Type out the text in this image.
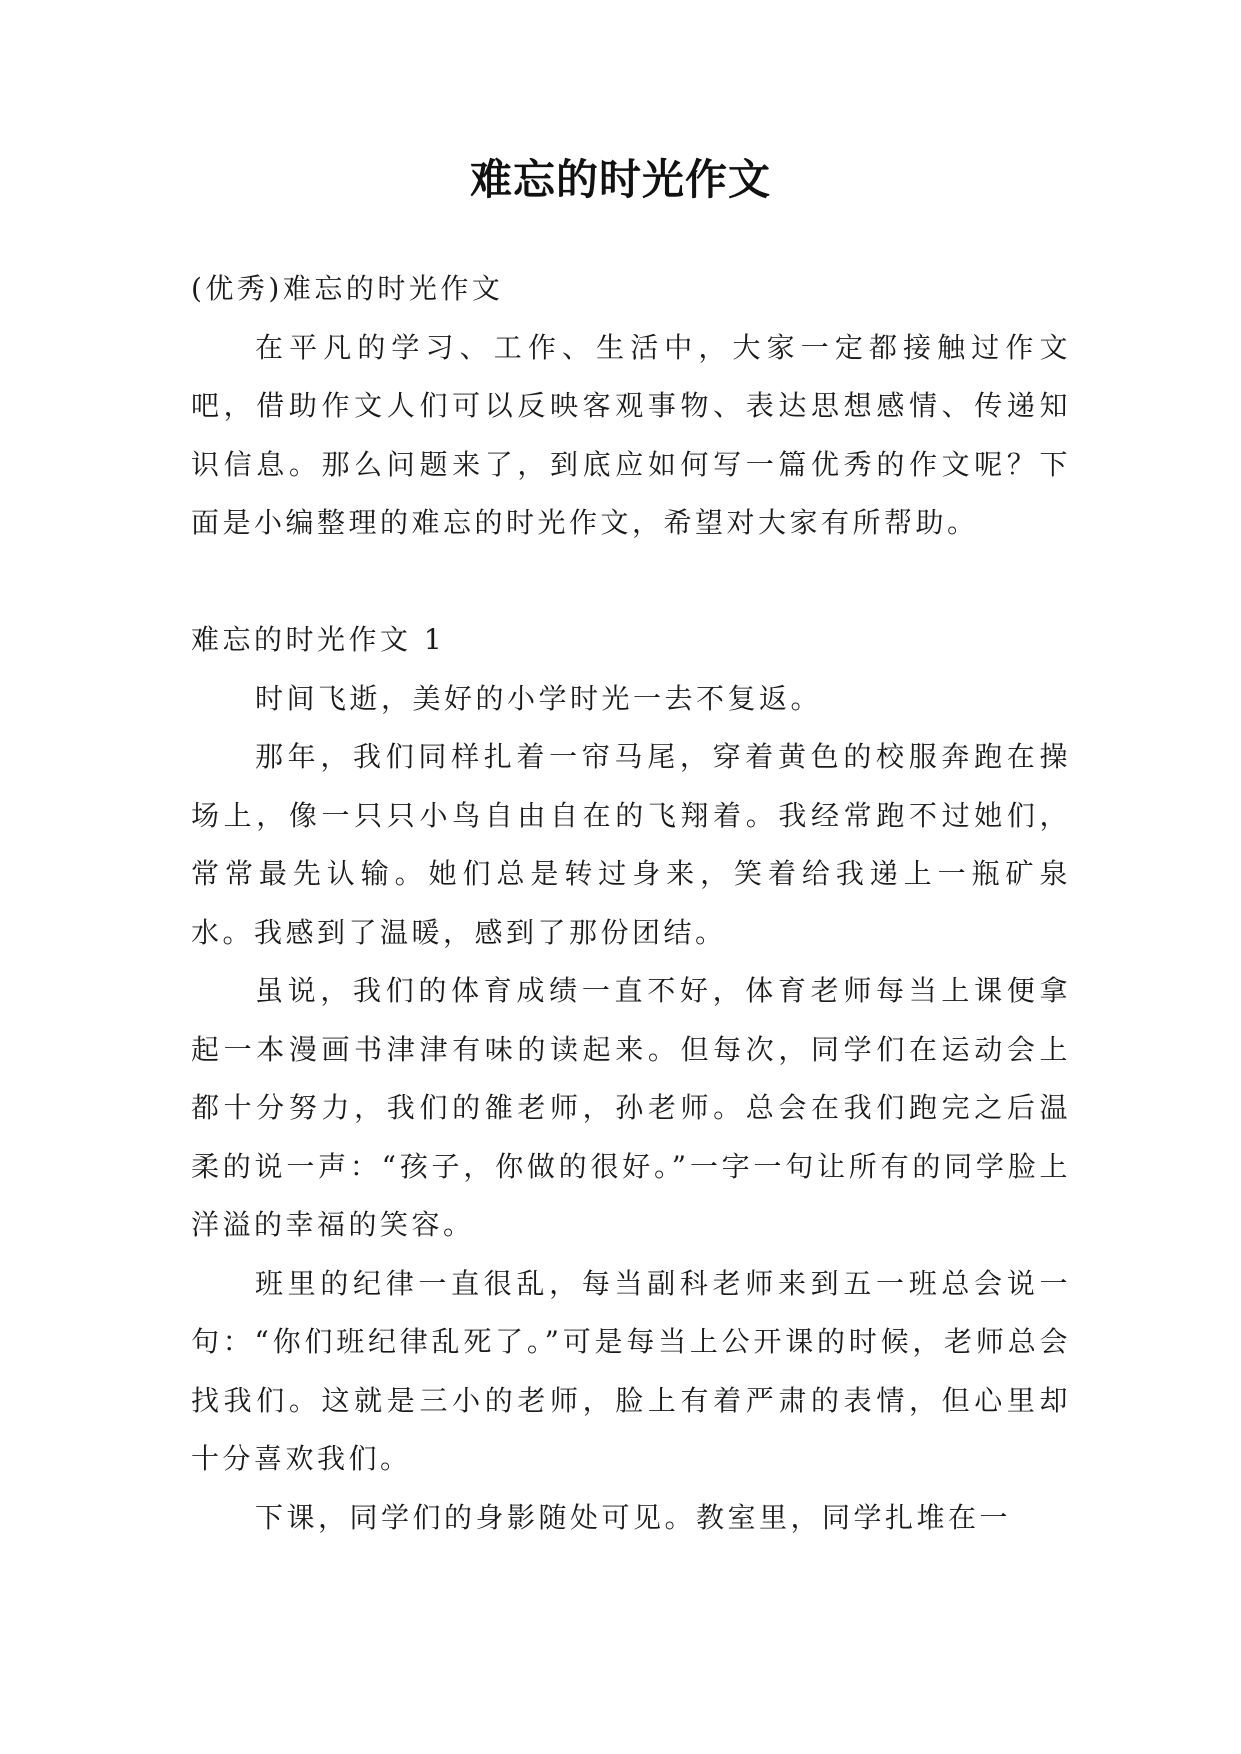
难忘的时光作文

(优秀)难忘的时光作文

在平凡的学习、工作、生活中，大家一定都接触过作文吧，借助作文人们可以反映客观事物、表达思想感情、传递知识信息。那么问题来了，到底应如何写一篇优秀的作文呢？下面是小编整理的难忘的时光作文，希望对大家有所帮助。

难忘的时光作文 1

时间飞逝，美好的小学时光一去不复返。

那年，我们同样扎着一帘马尾，穿着黄色的校服奔跑在操场上，像一只只小鸟自由自在的飞翔着。我经常跑不过她们，常常最先认输。她们总是转过身来，笑着给我递上一瓶矿泉水。我感到了温暖，感到了那份团结。

虽说，我们的体育成绩一直不好，体育老师每当上课便拿起一本漫画书津津有味的读起来。但每次，同学们在运动会上都十分努力，我们的雒老师，孙老师。总会在我们跑完之后温柔的说一声：“孩子，你做的很好。”一字一句让所有的同学脸上洋溢的幸福的笑容。

班里的纪律一直很乱，每当副科老师来到五一班总会说一句：“你们班纪律乱死了。”可是每当上公开课的时候，老师总会找我们。这就是三小的老师，脸上有着严肃的表情，但心里却十分喜欢我们。

下课，同学们的身影随处可见。教室里，同学扎堆在一
